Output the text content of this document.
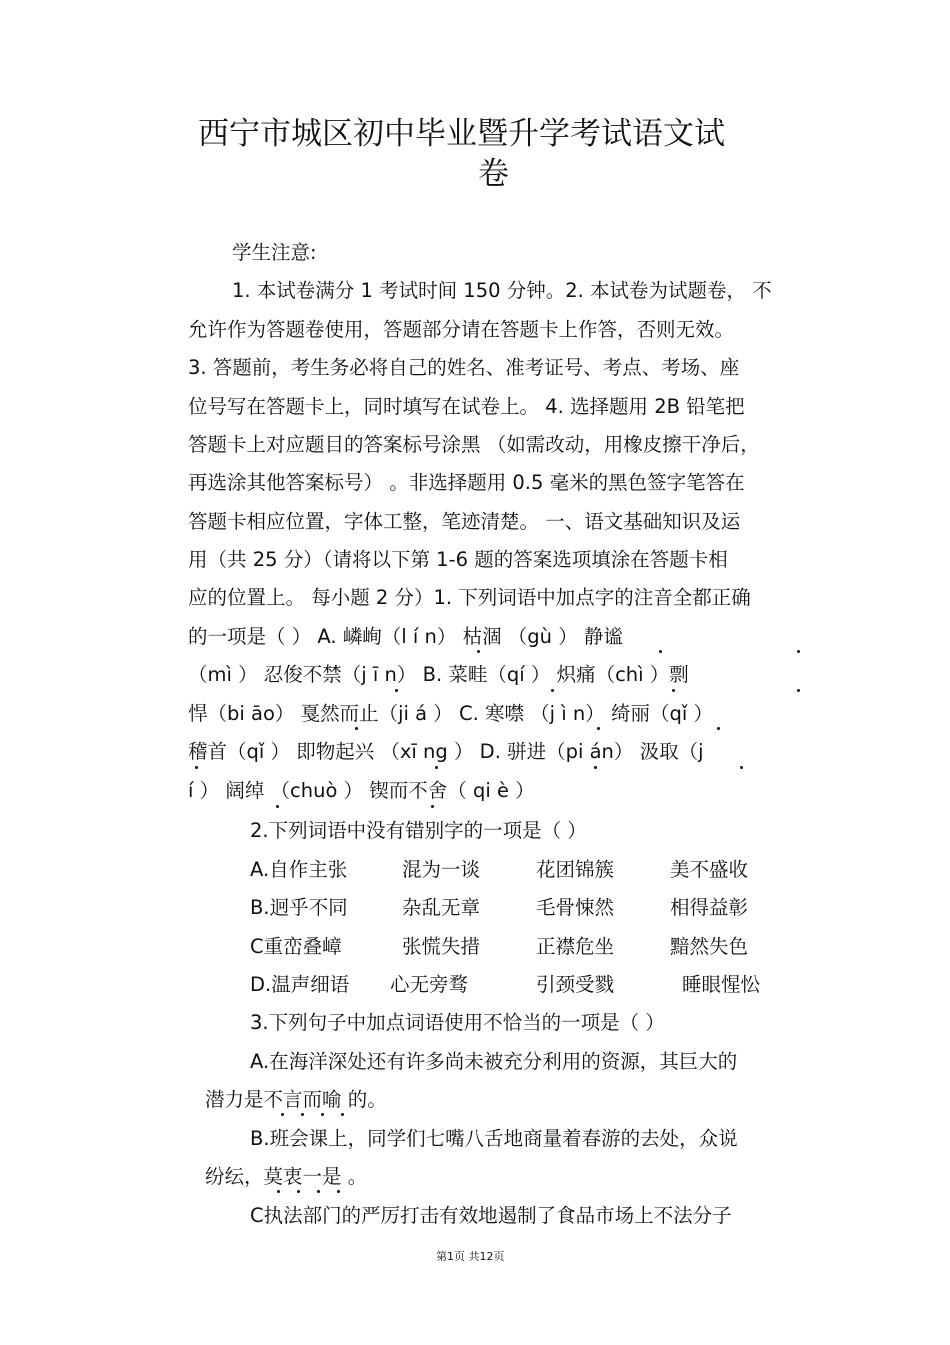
西宁市城区初中毕业暨升学考试语文试
卷
学生注意:
1. 本试卷满分 1 考试时间 150 分钟。2. 本试卷为试题卷， 不
允许作为答题卷使用，答题部分请在答题卡上作答，否则无效。
3. 答题前，考生务必将自己的姓名、准考证号、考点、考场、座
位号写在答题卡上，同时填写在试卷上。 4. 选择题用 2B 铅笔把
答题卡上对应题目的答案标号涂黑 （如需改动，用橡皮擦干净后，
再选涂其他答案标号） 。非选择题用 0.5 毫米的黑色签字笔答在
答题卡相应位置，字体工整，笔迹清楚。 一、语文基础知识及运
用（共 25 分）（请将以下第 1-6 题的答案选项填涂在答题卡相
应的位置上。 每小题 2 分）1. 下列词语中加点字的注音全都正确
的一项是（ ） A. 嶙峋（l í n） 枯涸 （gù ） 静谧
（mì ） 忍俊不禁（j ī n） B. 菜畦（qí ） 炽痛（chì ）剽
悍（bi āo） 戛然而止（ji á ） C. 寒噤 （j ì n） 绮丽（qǐ ）
稽首（qǐ ） 即物起兴 （xī ng ） D. 骈进（pi án） 汲取（j
í ） 阔绰 （chuò ） 锲而不舍（ qi è ）
2.下列词语中没有错别字的一项是（ ）
A.自作主张	混为一谈	花团锦簇	美不盛收
B.迥乎不同	杂乱无章	毛骨悚然	相得益彰
C重峦叠嶂	张慌失措	正襟危坐	黯然失色
D.温声细语 心无旁骛	引颈受戮	睡眼惺忪
3.下列句子中加点词语使用不恰当的一项是（ ）
A.在海洋深处还有许多尚未被充分利用的资源，其巨大的
潜力是不言而喻 的。
B.班会课上，同学们七嘴八舌地商量着春游的去处，众说
纷纭，莫衷一是 。
C执法部门的严厉打击有效地遏制了食品市场上不法分子
第1页 共12页
